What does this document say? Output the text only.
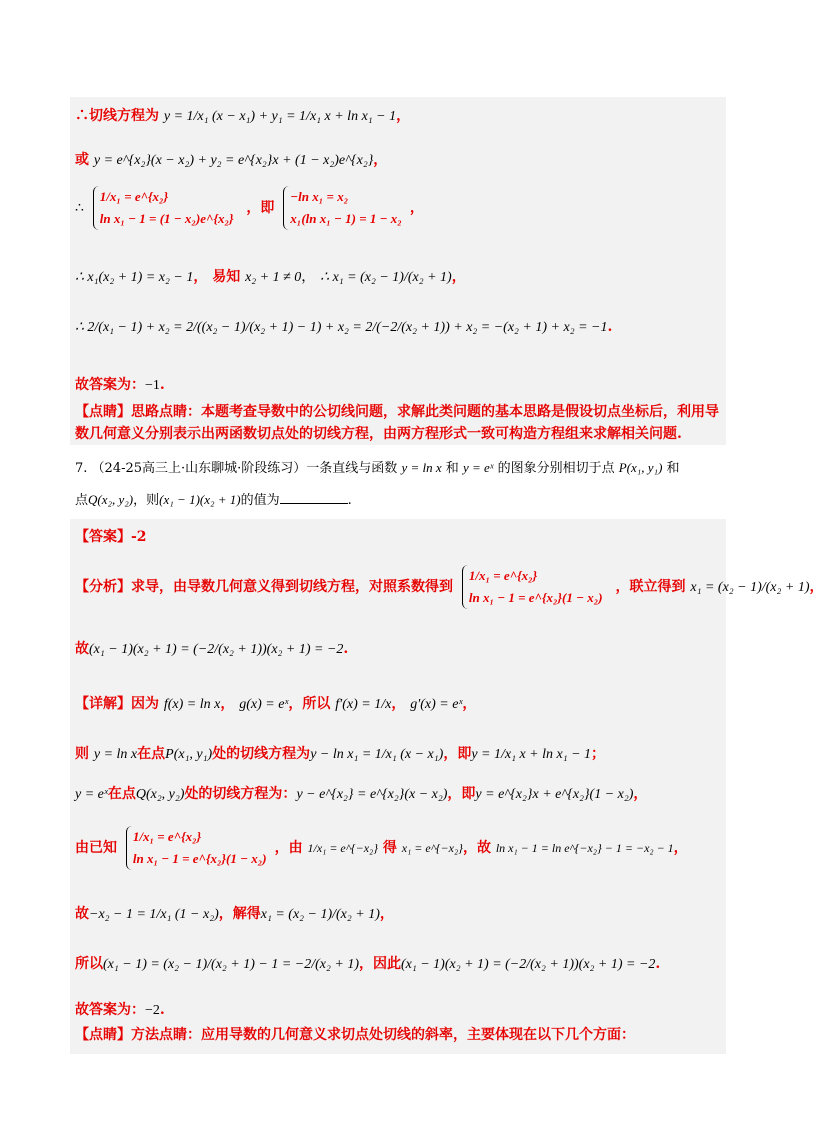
∴切线方程为 y = 1/x₁ (x − x₁) + y₁ = 1/x₁ x + ln x₁ − 1，
或 y = e^{x₂}(x − x₂) + y₂ = e^{x₂}x + (1 − x₂)e^{x₂}，
∴
1/x₁ = e^{x₂}
ln x₁ − 1 = (1 − x₂)e^{x₂}
，即
−ln x₁ = x₂
x₁(ln x₁ − 1) = 1 − x₂
，
∴ x₁(x₂ + 1) = x₂ − 1， 易知 x₂ + 1 ≠ 0， ∴ x₁ = (x₂ − 1)/(x₂ + 1)，
∴ 2/(x₁ − 1) + x₂ = 2/((x₂ − 1)/(x₂ + 1) − 1) + x₂ = 2/(−2/(x₂ + 1)) + x₂ = −(x₂ + 1) + x₂ = −1.
故答案为：−1.
【点睛】思路点睛：本题考查导数中的公切线问题，求解此类问题的基本思路是假设切点坐标后，利用导
数几何意义分别表示出两函数切点处的切线方程，由两方程形式一致可构造方程组来求解相关问题.
7. （24-25高三上·山东聊城·阶段练习）一条直线与函数 y = ln x 和 y = eˣ 的图象分别相切于点 P(x₁, y₁) 和
点Q(x₂, y₂)，则(x₁ − 1)(x₂ + 1)的值为	.
【答案】-2
【分析】求导，由导数几何意义得到切线方程，对照系数得到
1/x₁ = e^{x₂}
ln x₁ − 1 = e^{x₂}(1 − x₂)
，联立得到 x₁ = (x₂ − 1)/(x₂ + 1)，
故(x₁ − 1)(x₂ + 1) = (−2/(x₂ + 1))(x₂ + 1) = −2.
【详解】因为 f(x) = ln x， g(x) = eˣ，所以 f′(x) = 1/x， g′(x) = eˣ，
则 y = ln x在点P(x₁, y₁)处的切线方程为y − ln x₁ = 1/x₁ (x − x₁)，即y = 1/x₁ x + ln x₁ − 1；
y = eˣ在点Q(x₂, y₂)处的切线方程为：y − e^{x₂} = e^{x₂}(x − x₂)，即y = e^{x₂}x + e^{x₂}(1 − x₂)，
由已知
1/x₁ = e^{x₂}
ln x₁ − 1 = e^{x₂}(1 − x₂)
，由 1/x₁ = e^{−x₂} 得 x₁ = e^{−x₂}，故 ln x₁ − 1 = ln e^{−x₂} − 1 = −x₂ − 1，
故−x₂ − 1 = 1/x₁ (1 − x₂)，解得x₁ = (x₂ − 1)/(x₂ + 1)，
所以(x₁ − 1) = (x₂ − 1)/(x₂ + 1) − 1 = −2/(x₂ + 1)，因此(x₁ − 1)(x₂ + 1) = (−2/(x₂ + 1))(x₂ + 1) = −2.
故答案为：−2.
【点睛】方法点睛：应用导数的几何意义求切点处切线的斜率，主要体现在以下几个方面：
